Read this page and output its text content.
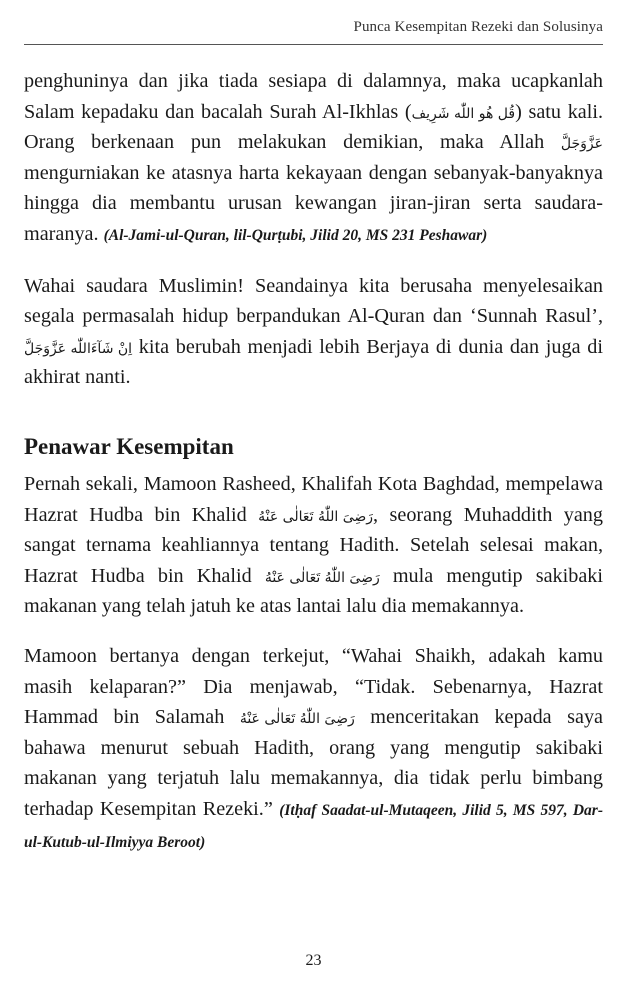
Punca Kesempitan Rezeki dan Solusinya

penghuninya dan jika tiada sesiapa di dalamnya, maka ucapkanlah Salam kepadaku dan bacalah Surah Al-Ikhlas (قُل هُو اللّٰه شَرِيف) satu kali. Orang berkenaan pun melakukan demikian, maka Allah عَزَّوَجَلَّ mengurniakan ke atasnya harta kekayaan dengan sebanyak-banyaknya hingga dia membantu urusan kewangan jiran-jiran serta saudara-maranya. (Al-Jami-ul-Quran, lil-Qurṭubi, Jilid 20, MS 231 Peshawar)

Wahai saudara Muslimin! Seandainya kita berusaha menyelesaikan segala permasalah hidup berpandukan Al-Quran dan ‘Sunnah Rasul’, اِنْ شَآءَاللّٰه عَزَّوَجَلَّ kita berubah menjadi lebih Berjaya di dunia dan juga di akhirat nanti.

Penawar Kesempitan

Pernah sekali, Mamoon Rasheed, Khalifah Kota Baghdad, mempelawa Hazrat Hudba bin Khalid رَضِیَ اللّٰهُ تَعَالٰی عَنْهُ, seorang Muhaddith yang sangat ternama keahliannya tentang Hadith. Setelah selesai makan, Hazrat Hudba bin Khalid رَضِیَ اللّٰهُ تَعَالٰی عَنْهُ mula mengutip sakibaki makanan yang telah jatuh ke atas lantai lalu dia memakannya.

Mamoon bertanya dengan terkejut, “Wahai Shaikh, adakah kamu masih kelaparan?” Dia menjawab, “Tidak. Sebenarnya, Hazrat Hammad bin Salamah رَضِیَ اللّٰهُ تَعَالٰی عَنْهُ menceritakan kepada saya bahawa menurut sebuah Hadith, orang yang mengutip sakibaki makanan yang terjatuh lalu memakannya, dia tidak perlu bimbang terhadap Kesempitan Rezeki.” (Itḥaf Saadat-ul-Mutaqeen, Jilid 5, MS 597, Dar-ul-Kutub-ul-Ilmiyya Beroot)

23
